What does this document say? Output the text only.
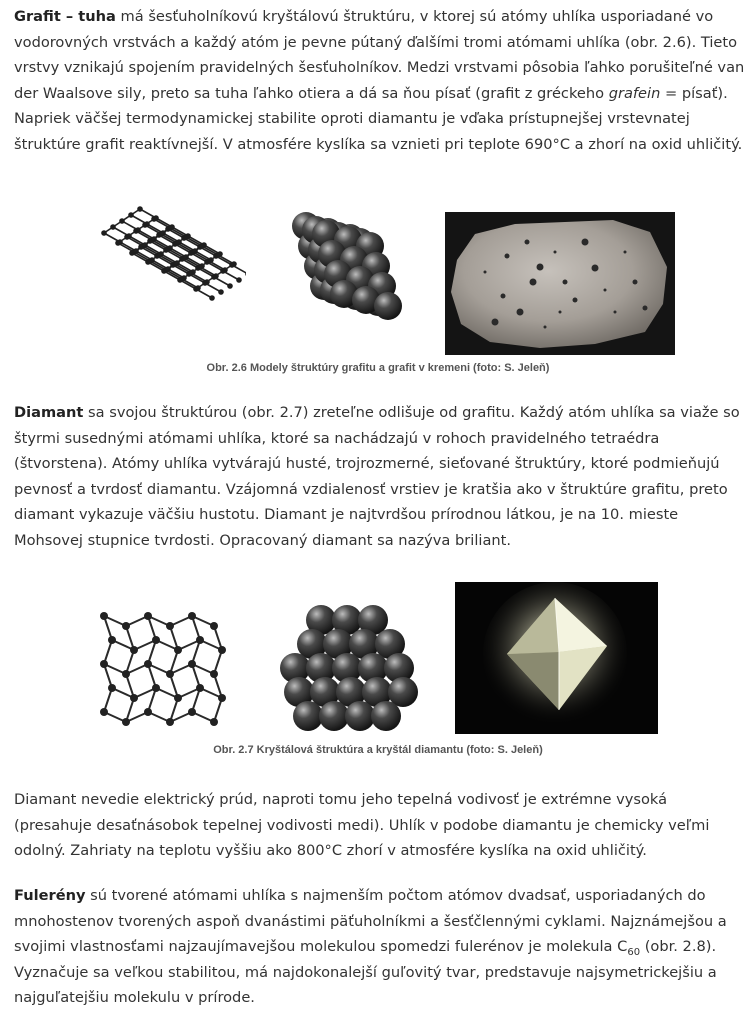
Grafit – tuha má šesťuholníkovú kryštálovú štruktúru, v ktorej sú atómy uhlíka usporiadané vo vodorovných vrstvách a každý atóm je pevne pútaný ďalšími tromi atómami uhlíka (obr. 2.6). Tieto vrstvy vznikajú spojením pravidelných šesťuholníkov. Medzi vrstvami pôsobia ľahko porušiteľné van der Waalsove sily, preto sa tuha ľahko otiera a dá sa ňou písať (grafit z gréckeho grafein = písať). Napriek väčšej termodynamickej stabilite oproti diamantu je vďaka prístupnejšej vrstevnatej štruktúre grafit reaktívnejší. V atmosfére kyslíka sa vznieti pri teplote 690°C a zhorí na oxid uhličitý.

Obr. 2.6 Modely štruktúry grafitu a grafit v kremeni (foto: S. Jeleň)

Diamant sa svojou štruktúrou (obr. 2.7) zreteľne odlišuje od grafitu. Každý atóm uhlíka sa viaže so štyrmi susednými atómami uhlíka, ktoré sa nachádzajú v rohoch pravidelného tetraédra (štvorstena). Atómy uhlíka vytvárajú husté, trojrozmerné, sieťované štruktúry, ktoré podmieňujú pevnosť a tvrdosť diamantu. Vzájomná vzdialenosť vrstiev je kratšia ako v štruktúre grafitu, preto diamant vykazuje väčšiu hustotu. Diamant je najtvrdšou prírodnou látkou, je na 10. mieste Mohsovej stupnice tvrdosti. Opracovaný diamant sa nazýva briliant.

Obr. 2.7 Kryštálová štruktúra a kryštál diamantu (foto: S. Jeleň)

Diamant nevedie elektrický prúd, naproti tomu jeho tepelná vodivosť je extrémne vysoká (presahuje desaťnásobok tepelnej vodivosti medi). Uhlík v podobe diamantu je chemicky veľmi odolný. Zahriaty na teplotu vyššiu ako 800°C zhorí v atmosfére kyslíka na oxid uhličitý.

Fulerény sú tvorené atómami uhlíka s najmenším počtom atómov dvadsať, usporiadaných do mnohostenov tvorených aspoň dvanástimi päťuholníkmi a šesťčlennými cyklami. Najznámejšou a svojimi vlastnosťami najzaujímavejšou molekulou spomedzi fulerénov je molekula $C_{60}$ (obr. 2.8). Vyznačuje sa veľkou stabilitou, má najdokonalejší guľovitý tvar, predstavuje najsymetrickejšiu a najguľatejšiu molekulu v prírode.
